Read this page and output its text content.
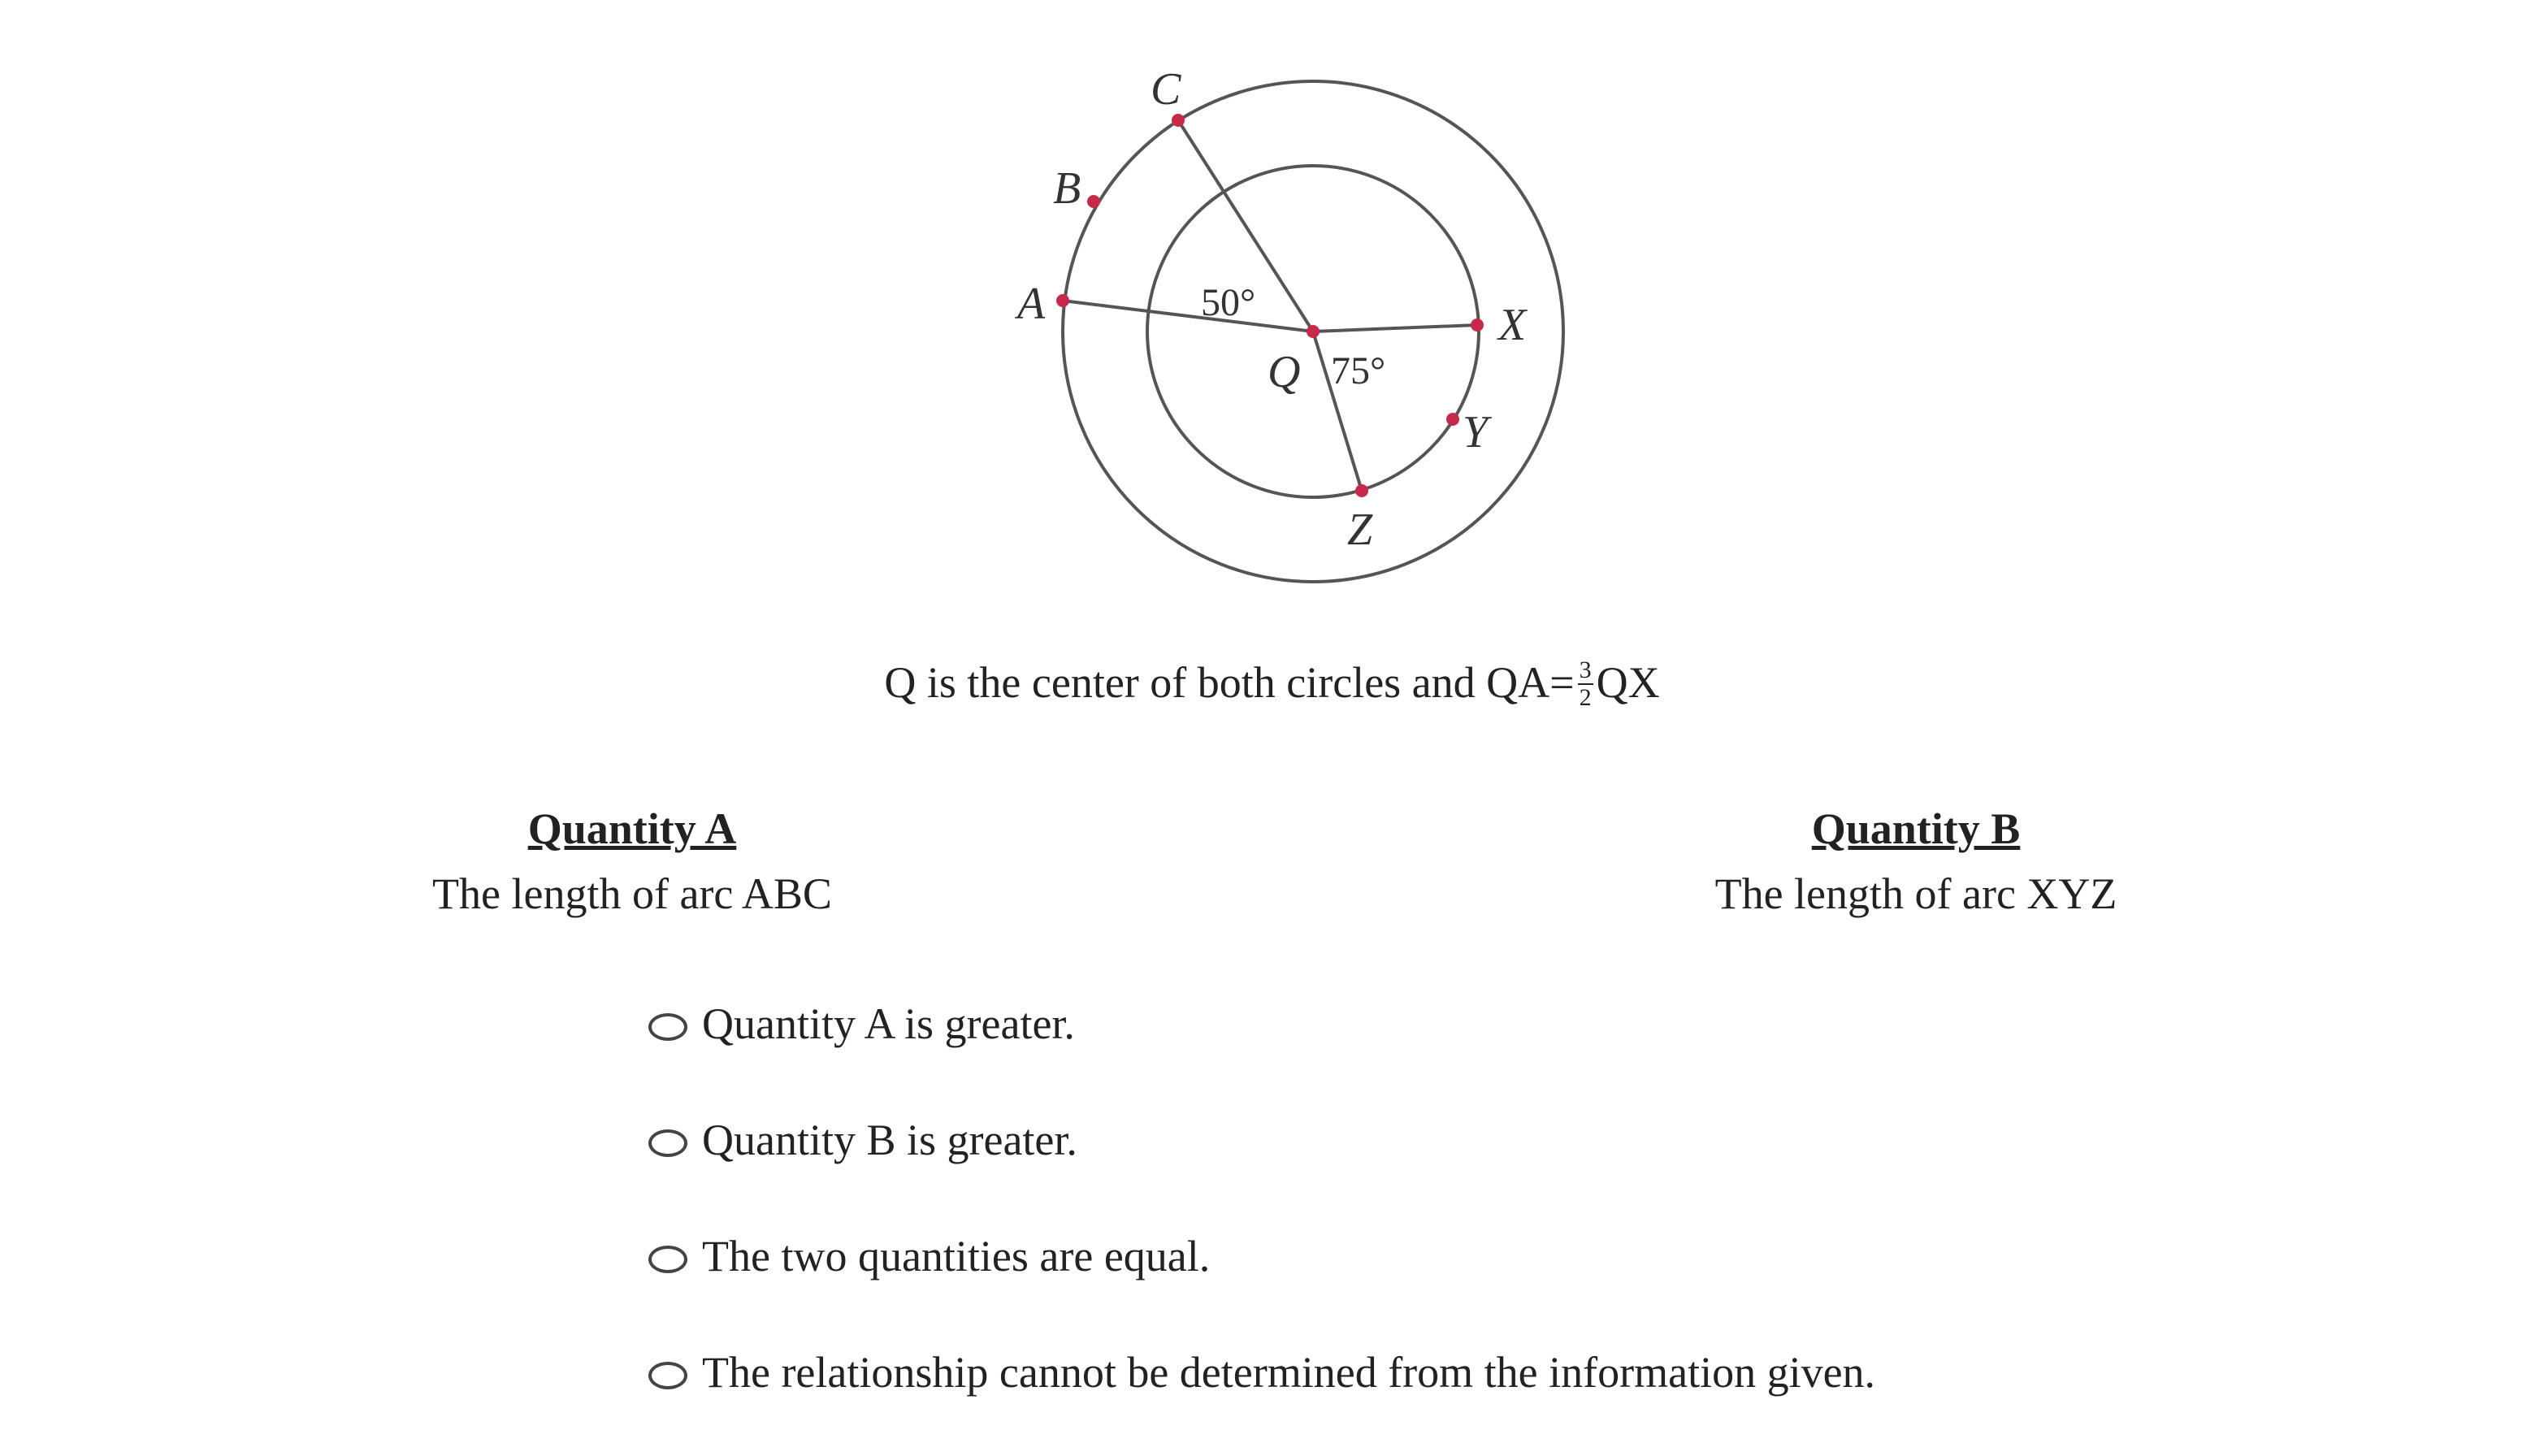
C
B
A
Q
X
Y
Z
50°
75°
Q is the center of both circles and $QA= \frac{3}{2}$ QX
Quantity A
The length of arc ABC
Quantity B
The length of arc XYZ
Quantity A is greater.
Quantity B is greater.
The two quantities are equal.
The relationship cannot be determined from the information given.
